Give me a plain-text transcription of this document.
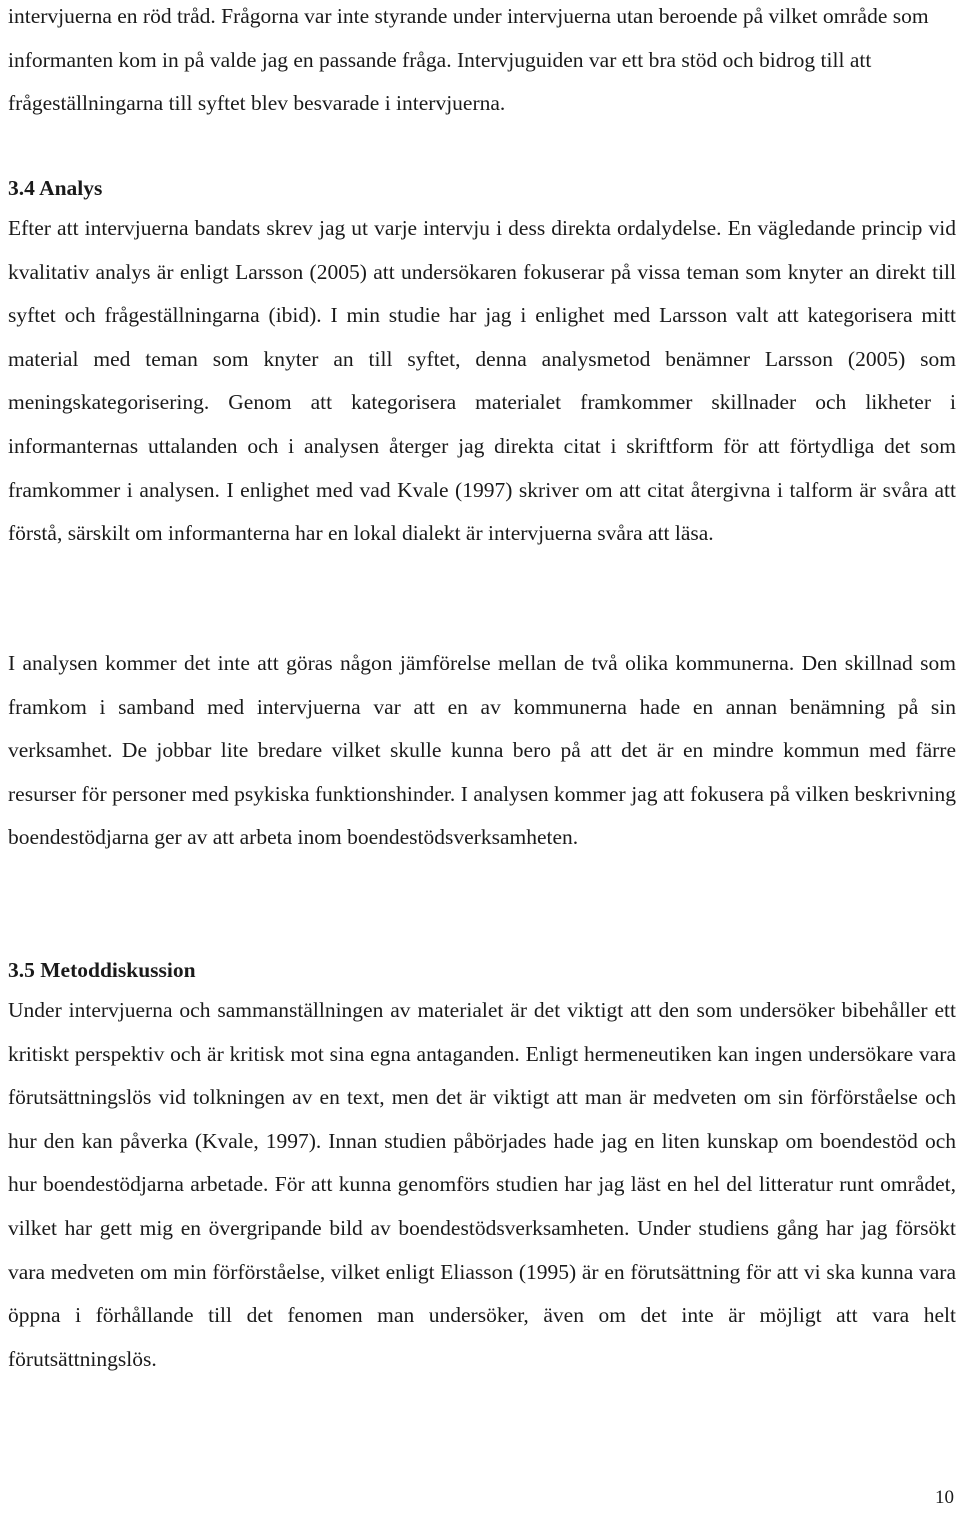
intervjuerna en röd tråd. Frågorna var inte styrande under intervjuerna utan beroende på vilket område som informanten kom in på valde jag en passande fråga. Intervjuguiden var ett bra stöd och bidrog till att frågeställningarna till syftet blev besvarade i intervjuerna.

3.4 Analys

Efter att intervjuerna bandats skrev jag ut varje intervju i dess direkta ordalydelse. En vägledande princip vid kvalitativ analys är enligt Larsson (2005) att undersökaren fokuserar på vissa teman som knyter an direkt till syftet och frågeställningarna (ibid). I min studie har jag i enlighet med Larsson valt att kategorisera mitt material med teman som knyter an till syftet, denna analysmetod benämner Larsson (2005) som meningskategorisering. Genom att kategorisera materialet framkommer skillnader och likheter i informanternas uttalanden och i analysen återger jag direkta citat i skriftform för att förtydliga det som framkommer i analysen. I enlighet med vad Kvale (1997) skriver om att citat återgivna i talform är svåra att förstå, särskilt om informanterna har en lokal dialekt är intervjuerna svåra att läsa.

I analysen kommer det inte att göras någon jämförelse mellan de två olika kommunerna. Den skillnad som framkom i samband med intervjuerna var att en av kommunerna hade en annan benämning på sin verksamhet. De jobbar lite bredare vilket skulle kunna bero på att det är en mindre kommun med färre resurser för personer med psykiska funktionshinder. I analysen kommer jag att fokusera på vilken beskrivning boendestödjarna ger av att arbeta inom boendestödsverksamheten.

3.5 Metoddiskussion

Under intervjuerna och sammanställningen av materialet är det viktigt att den som undersöker bibehåller ett kritiskt perspektiv och är kritisk mot sina egna antaganden. Enligt hermeneutiken kan ingen undersökare vara förutsättningslös vid tolkningen av en text, men det är viktigt att man är medveten om sin förförståelse och hur den kan påverka (Kvale, 1997). Innan studien påbörjades hade jag en liten kunskap om boendestöd och hur boendestödjarna arbetade. För att kunna genomförs studien har jag läst en hel del litteratur runt området, vilket har gett mig en övergripande bild av boendestödsverksamheten. Under studiens gång har jag försökt vara medveten om min förförståelse, vilket enligt Eliasson (1995) är en förutsättning för att vi ska kunna vara öppna i förhållande till det fenomen man undersöker, även om det inte är möjligt att vara helt förutsättningslös.

10
